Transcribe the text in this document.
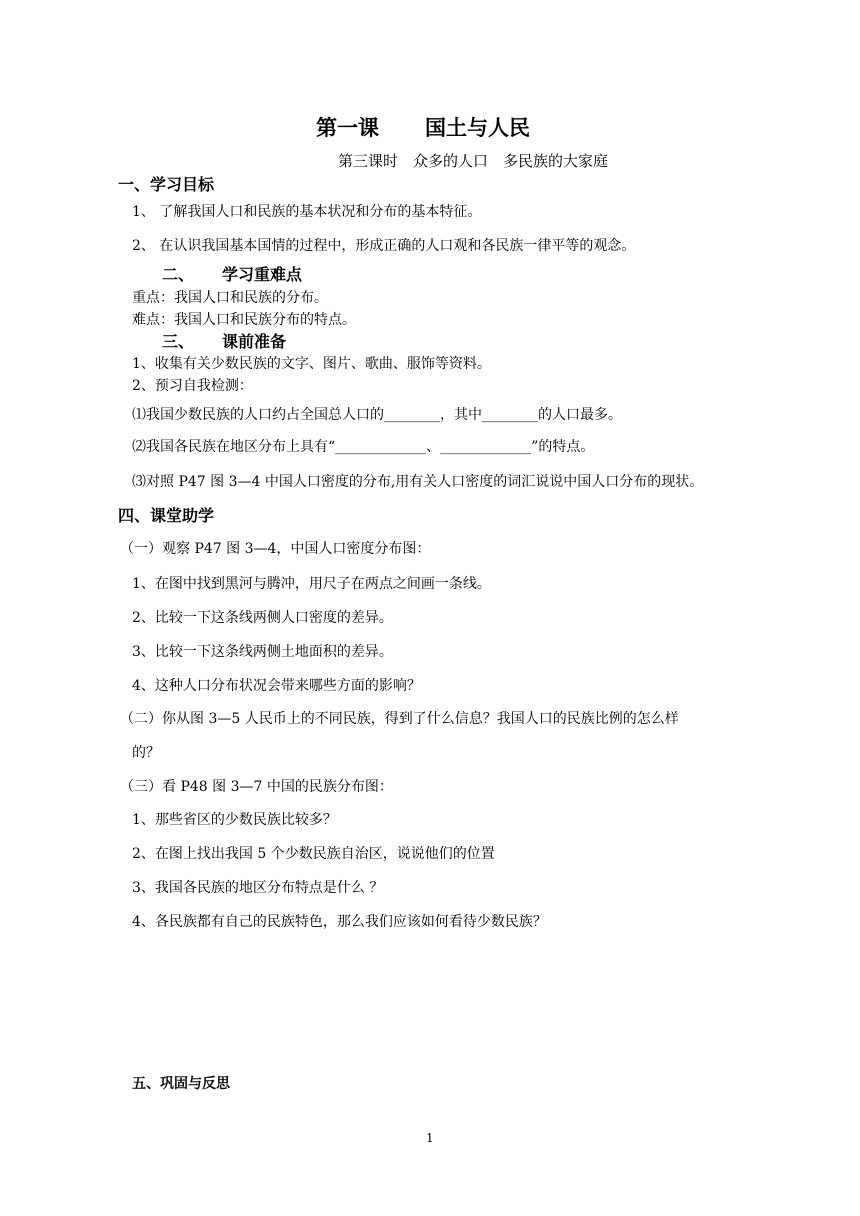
第一课 国土与人民
第三课时　众多的人口　多民族的大家庭
一、学习目标
1、 了解我国人口和民族的基本状况和分布的基本特征。
2、 在认识我国基本国情的过程中，形成正确的人口观和各民族一律平等的观念。
二、 学习重难点
重点：我国人口和民族的分布。
难点：我国人口和民族分布的特点。
三、 课前准备
1、收集有关少数民族的文字、图片、歌曲、服饰等资料。
2、预习自我检测：
⑴我国少数民族的人口约占全国总人口的________，其中________的人口最多。
⑵我国各民族在地区分布上具有“_____________、_____________”的特点。
⑶对照 P47 图 3—4 中国人口密度的分布,用有关人口密度的词汇说说中国人口分布的现状。
四、课堂助学
（一）观察 P47 图 3—4，中国人口密度分布图：
1、在图中找到黑河与腾冲，用尺子在两点之间画一条线。
2、比较一下这条线两侧人口密度的差异。
3、比较一下这条线两侧土地面积的差异。
4、这种人口分布状况会带来哪些方面的影响？
（二）你从图 3—5 人民币上的不同民族，得到了什么信息？我国人口的民族比例的怎么样
的？
（三）看 P48 图 3—7 中国的民族分布图：
1、那些省区的少数民族比较多？
2、在图上找出我国 5 个少数民族自治区，说说他们的位置
3、我国各民族的地区分布特点是什么 ？
4、各民族都有自己的民族特色，那么我们应该如何看待少数民族？
五、巩固与反思
1
